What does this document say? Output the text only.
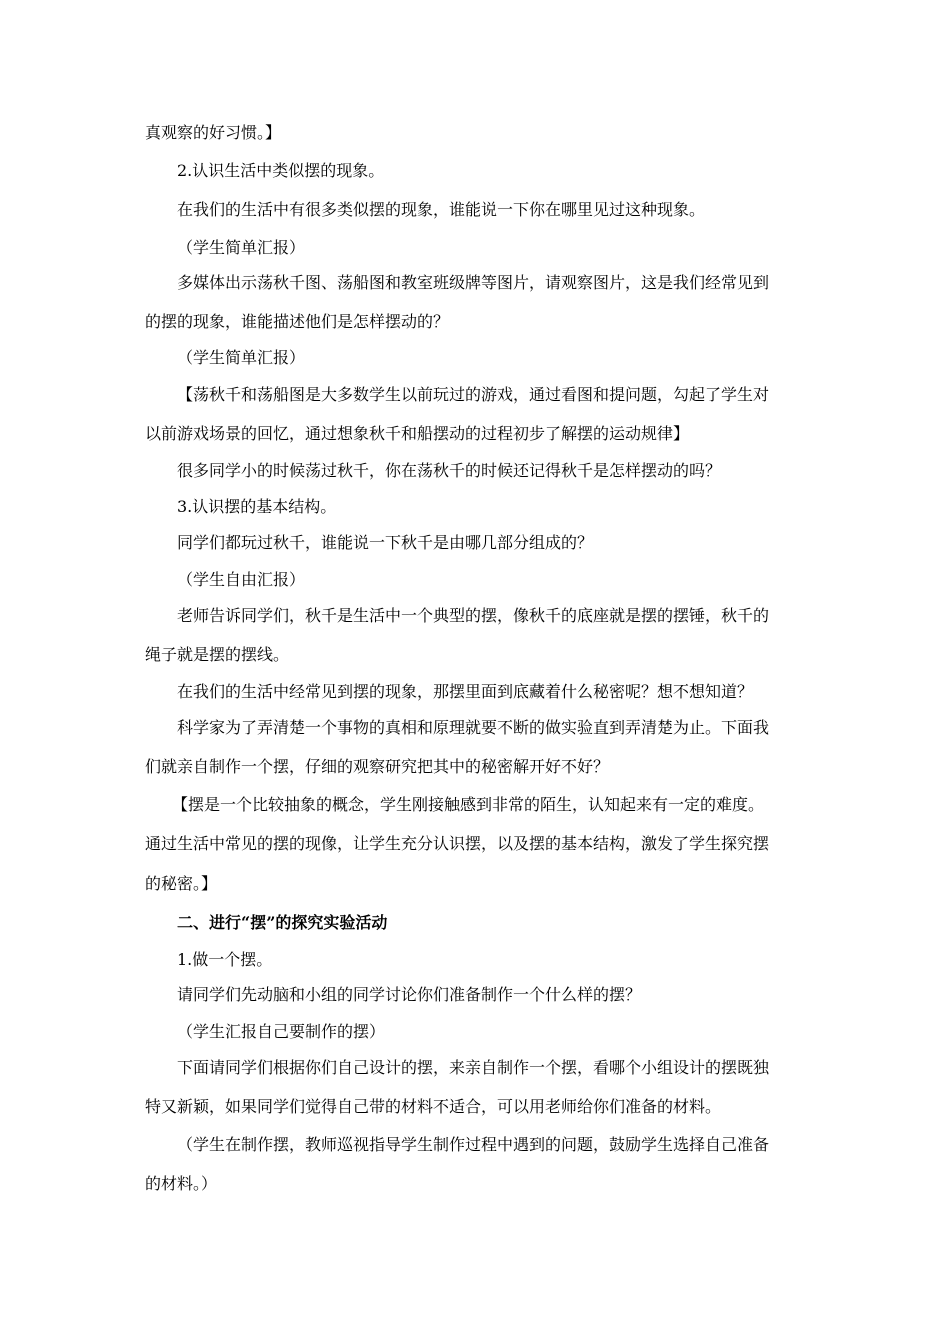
真观察的好习惯。】
2.认识生活中类似摆的现象。
在我们的生活中有很多类似摆的现象，谁能说一下你在哪里见过这种现象。
（学生简单汇报）
多媒体出示荡秋千图、荡船图和教室班级牌等图片，请观察图片，这是我们经常见到
的摆的现象，谁能描述他们是怎样摆动的？
（学生简单汇报）
【荡秋千和荡船图是大多数学生以前玩过的游戏，通过看图和提问题，勾起了学生对
以前游戏场景的回忆，通过想象秋千和船摆动的过程初步了解摆的运动规律】
很多同学小的时候荡过秋千，你在荡秋千的时候还记得秋千是怎样摆动的吗？
3.认识摆的基本结构。
同学们都玩过秋千，谁能说一下秋千是由哪几部分组成的？
（学生自由汇报）
老师告诉同学们，秋千是生活中一个典型的摆，像秋千的底座就是摆的摆锤，秋千的
绳子就是摆的摆线。
在我们的生活中经常见到摆的现象，那摆里面到底藏着什么秘密呢？想不想知道？
科学家为了弄清楚一个事物的真相和原理就要不断的做实验直到弄清楚为止。下面我
们就亲自制作一个摆，仔细的观察研究把其中的秘密解开好不好？
【摆是一个比较抽象的概念，学生刚接触感到非常的陌生，认知起来有一定的难度。
通过生活中常见的摆的现像，让学生充分认识摆，以及摆的基本结构，激发了学生探究摆
的秘密。】
二、进行“摆”的探究实验活动
1.做一个摆。
请同学们先动脑和小组的同学讨论你们准备制作一个什么样的摆？
（学生汇报自己要制作的摆）
下面请同学们根据你们自己设计的摆，来亲自制作一个摆，看哪个小组设计的摆既独
特又新颖，如果同学们觉得自己带的材料不适合，可以用老师给你们准备的材料。
（学生在制作摆，教师巡视指导学生制作过程中遇到的问题，鼓励学生选择自己准备
的材料。）
